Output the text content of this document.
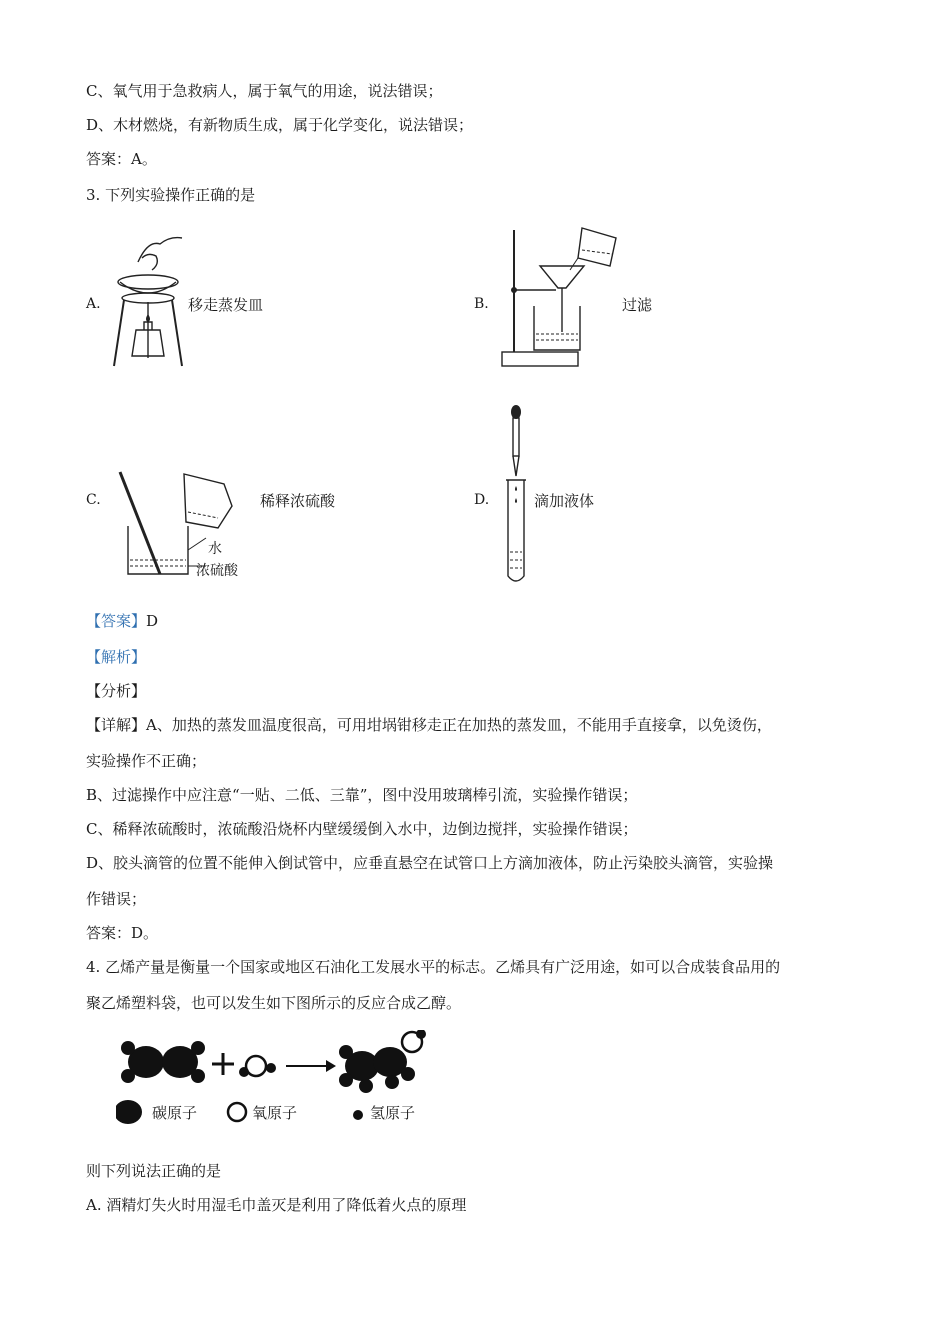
C、氧气用于急救病人，属于氧气的用途，说法错误；
D、木材燃烧，有新物质生成，属于化学变化，说法错误；
答案：A。
3. 下列实验操作正确的是
A.	移走蒸发皿	B.	过滤
C.
水
浓硫酸
稀释浓硫酸	D.	滴加液体
【答案】D
【解析】
【分析】
【详解】A、加热的蒸发皿温度很高，可用坩埚钳移走正在加热的蒸发皿，不能用手直接拿，以免烫伤，
实验操作不正确；
B、过滤操作中应注意“一贴、二低、三靠”，图中没用玻璃棒引流，实验操作错误；
C、稀释浓硫酸时，浓硫酸沿烧杯内壁缓缓倒入水中，边倒边搅拌，实验操作错误；
D、胶头滴管的位置不能伸入倒试管中，应垂直悬空在试管口上方滴加液体，防止污染胶头滴管，实验操
作错误；
答案：D。
4. 乙烯产量是衡量一个国家或地区石油化工发展水平的标志。乙烯具有广泛用途，如可以合成装食品用的
聚乙烯塑料袋，也可以发生如下图所示的反应合成乙醇。
碳原子	氧原子	氢原子
则下列说法正确的是
A. 酒精灯失火时用湿毛巾盖灭是利用了降低着火点的原理
